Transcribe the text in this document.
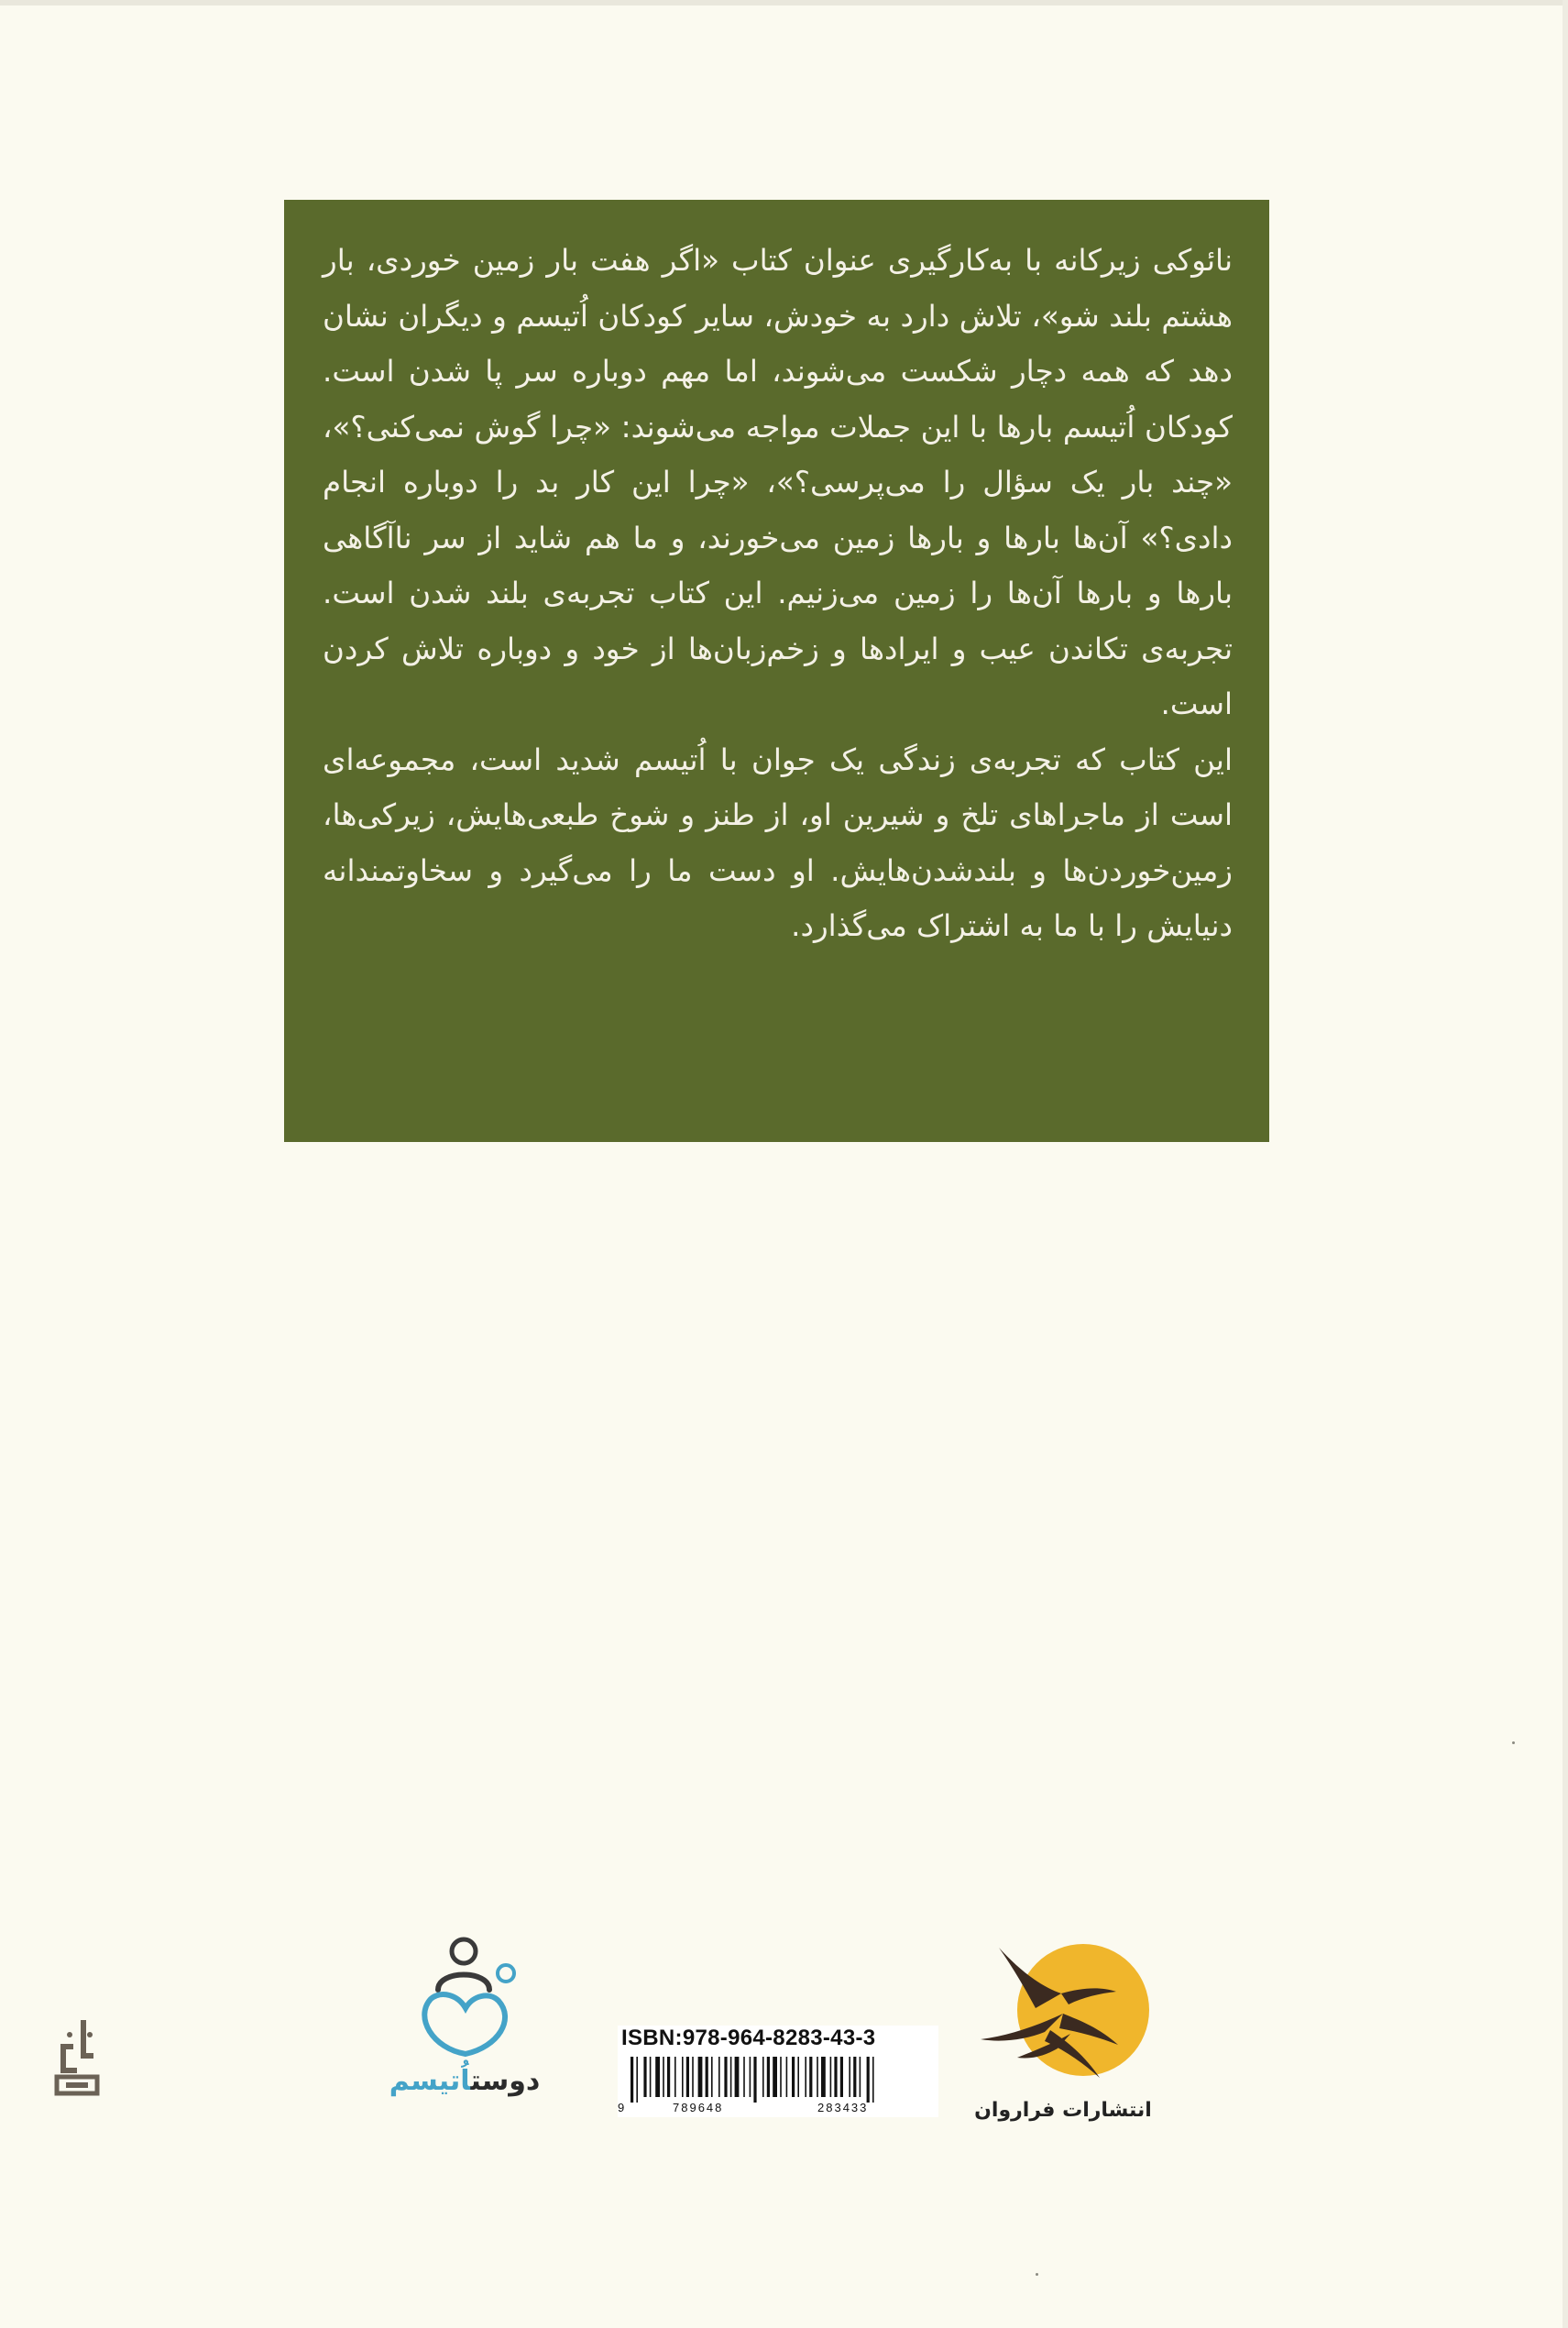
نائوکی زیرکانه با به‌کارگیری عنوان کتاب «اگر هفت بار زمین خوردی، بار هشتم بلند شو»، تلاش دارد به خودش، سایر کودکان اُتیسم و دیگران نشان دهد که همه دچار شکست می‌شوند، اما مهم دوباره سر پا شدن است. کودکان اُتیسم بارها با این جملات مواجه می‌شوند: «چرا گوش نمی‌کنی؟»، «چند بار یک سؤال را می‌پرسی؟»، «چرا این کار بد را دوباره انجام دادی؟» آن‌ها بارها و بارها زمین می‌خورند، و ما هم شاید از سر ناآگاهی بارها و بارها آن‌ها را زمین می‌زنیم. این کتاب تجربه‌ی بلند شدن است. تجربه‌ی تکاندن عیب و ایرادها و زخم‌زبان‌ها از خود و دوباره تلاش کردن است.

این کتاب که تجربه‌ی زندگی یک جوان با اُتیسم شدید است، مجموعه‌ای است از ماجراهای تلخ و شیرین او، از طنز و شوخ طبعی‌هایش، زیرکی‌ها، زمین‌خوردن‌ها و بلندشدن‌هایش. او دست ما را می‌گیرد و سخاوتمندانه دنیایش را با ما به اشتراک می‌گذارد.

دوستاُتیسم
ISBN:978-964-8283-43-3
9	789648	283433	انتشارات فراروان
